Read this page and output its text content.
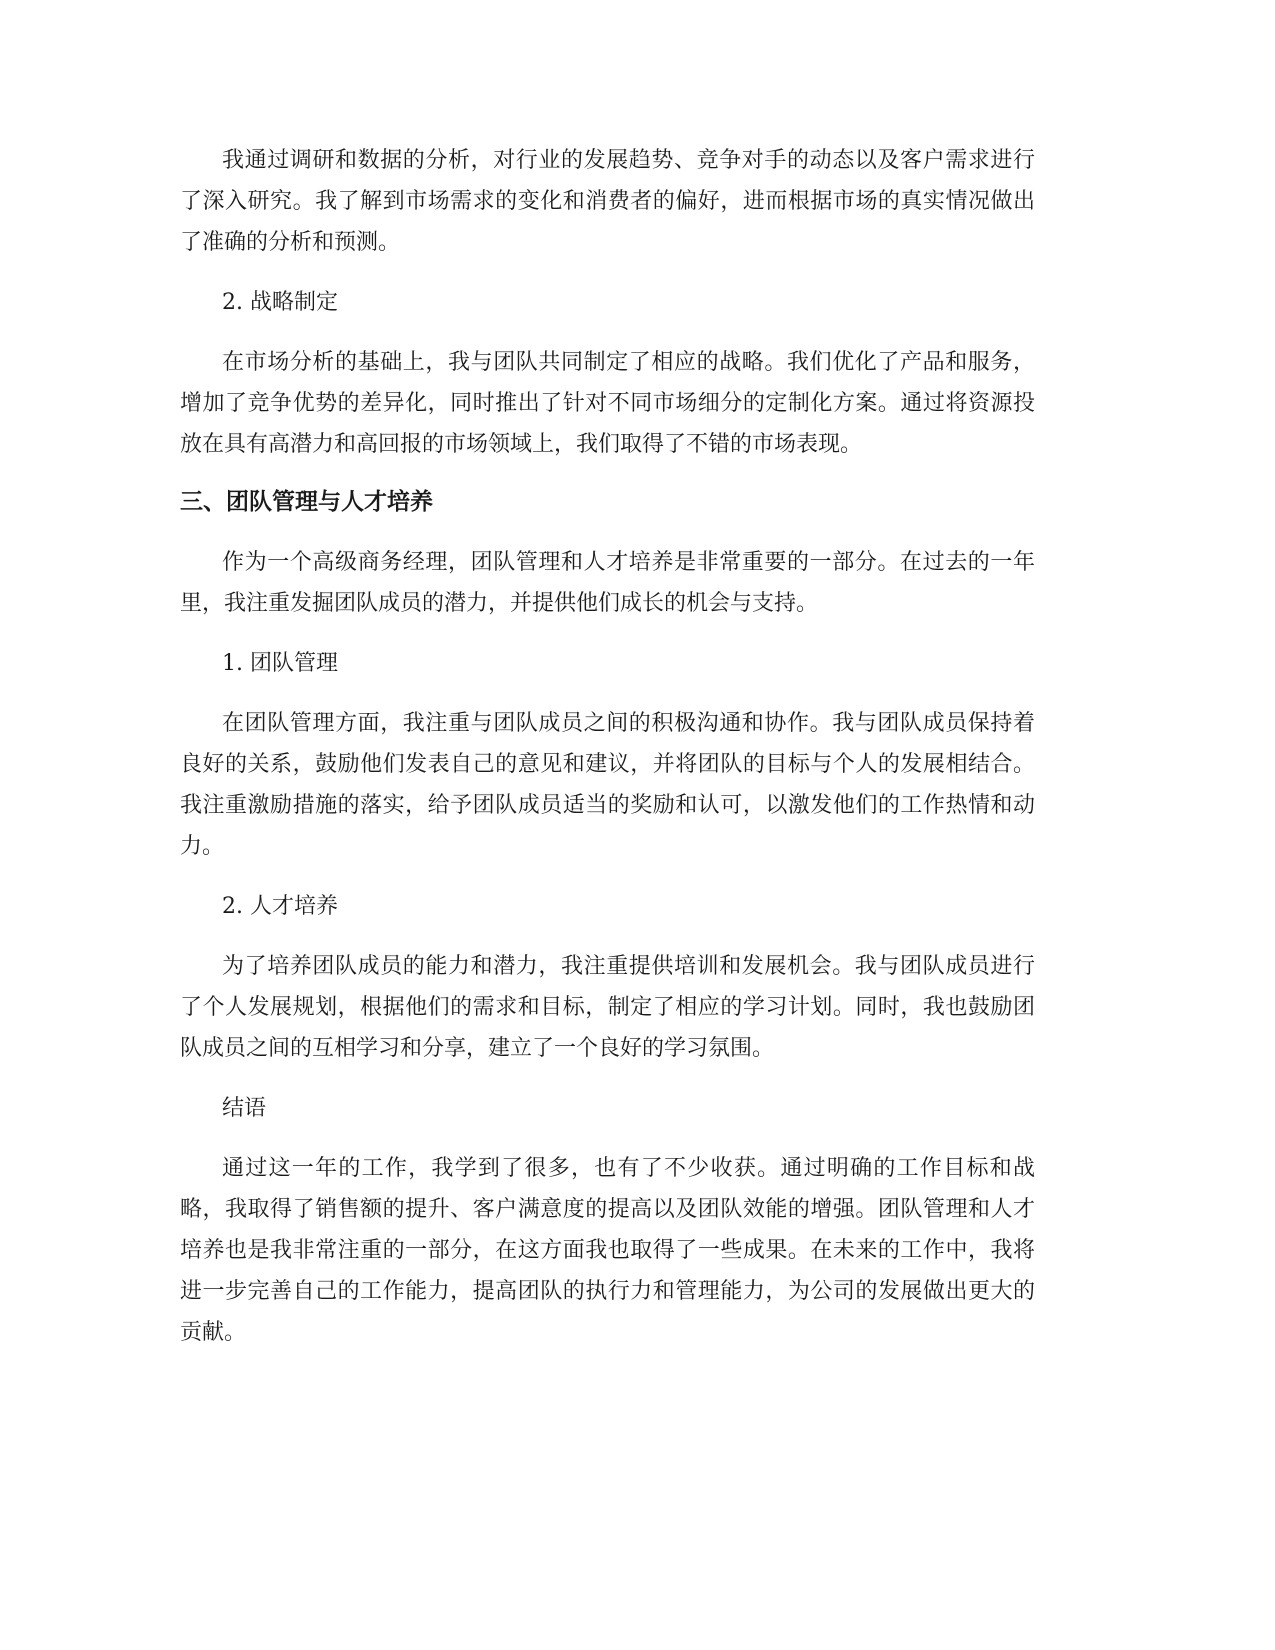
我通过调研和数据的分析，对行业的发展趋势、竞争对手的动态以及客户需求进行了深入研究。我了解到市场需求的变化和消费者的偏好，进而根据市场的真实情况做出了准确的分析和预测。

2. 战略制定

在市场分析的基础上，我与团队共同制定了相应的战略。我们优化了产品和服务，增加了竞争优势的差异化，同时推出了针对不同市场细分的定制化方案。通过将资源投放在具有高潜力和高回报的市场领域上，我们取得了不错的市场表现。

三、团队管理与人才培养

作为一个高级商务经理，团队管理和人才培养是非常重要的一部分。在过去的一年里，我注重发掘团队成员的潜力，并提供他们成长的机会与支持。

1. 团队管理

在团队管理方面，我注重与团队成员之间的积极沟通和协作。我与团队成员保持着良好的关系，鼓励他们发表自己的意见和建议，并将团队的目标与个人的发展相结合。我注重激励措施的落实，给予团队成员适当的奖励和认可，以激发他们的工作热情和动力。

2. 人才培养

为了培养团队成员的能力和潜力，我注重提供培训和发展机会。我与团队成员进行了个人发展规划，根据他们的需求和目标，制定了相应的学习计划。同时，我也鼓励团队成员之间的互相学习和分享，建立了一个良好的学习氛围。

结语

通过这一年的工作，我学到了很多，也有了不少收获。通过明确的工作目标和战略，我取得了销售额的提升、客户满意度的提高以及团队效能的增强。团队管理和人才培养也是我非常注重的一部分，在这方面我也取得了一些成果。在未来的工作中，我将进一步完善自己的工作能力，提高团队的执行力和管理能力，为公司的发展做出更大的贡献。
